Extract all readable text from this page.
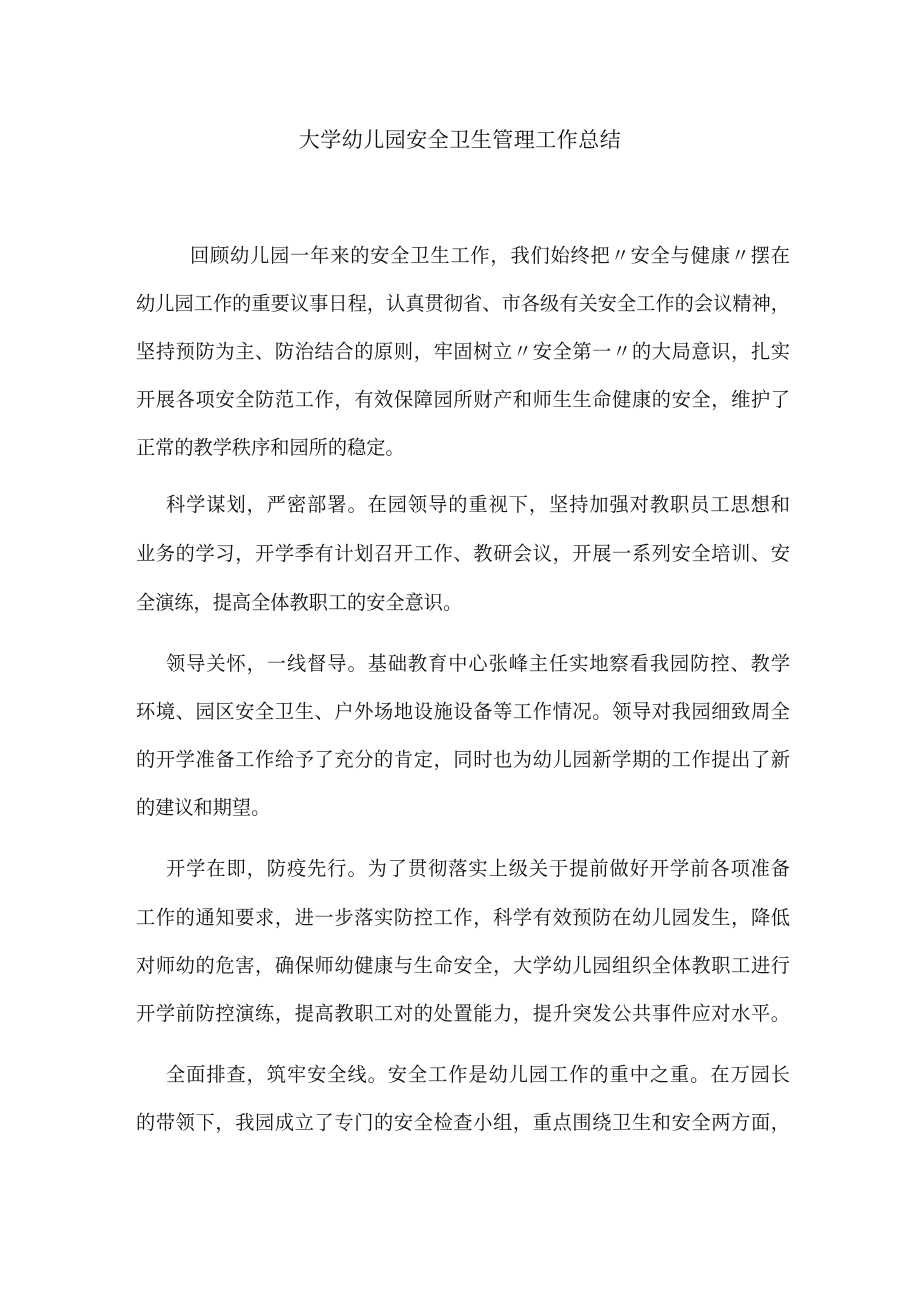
大学幼儿园安全卫生管理工作总结

回顾幼儿园一年来的安全卫生工作，我们始终把〃安全与健康〃摆在

幼儿园工作的重要议事日程，认真贯彻省、市各级有关安全工作的会议精神，

坚持预防为主、防治结合的原则，牢固树立〃安全第一〃的大局意识，扎实

开展各项安全防范工作，有效保障园所财产和师生生命健康的安全，维护了

正常的教学秩序和园所的稳定。

科学谋划，严密部署。在园领导的重视下，坚持加强对教职员工思想和

业务的学习，开学季有计划召开工作、教研会议，开展一系列安全培训、安

全演练，提高全体教职工的安全意识。

领导关怀，一线督导。基础教育中心张峰主任实地察看我园防控、教学

环境、园区安全卫生、户外场地设施设备等工作情况。领导对我园细致周全

的开学准备工作给予了充分的肯定，同时也为幼儿园新学期的工作提出了新

的建议和期望。

开学在即，防疫先行。为了贯彻落实上级关于提前做好开学前各项准备

工作的通知要求，进一步落实防控工作，科学有效预防在幼儿园发生，降低

对师幼的危害，确保师幼健康与生命安全，大学幼儿园组织全体教职工进行

开学前防控演练，提高教职工对的处置能力，提升突发公共事件应对水平。

全面排查，筑牢安全线。安全工作是幼儿园工作的重中之重。在万园长

的带领下，我园成立了专门的安全检查小组，重点围绕卫生和安全两方面，
